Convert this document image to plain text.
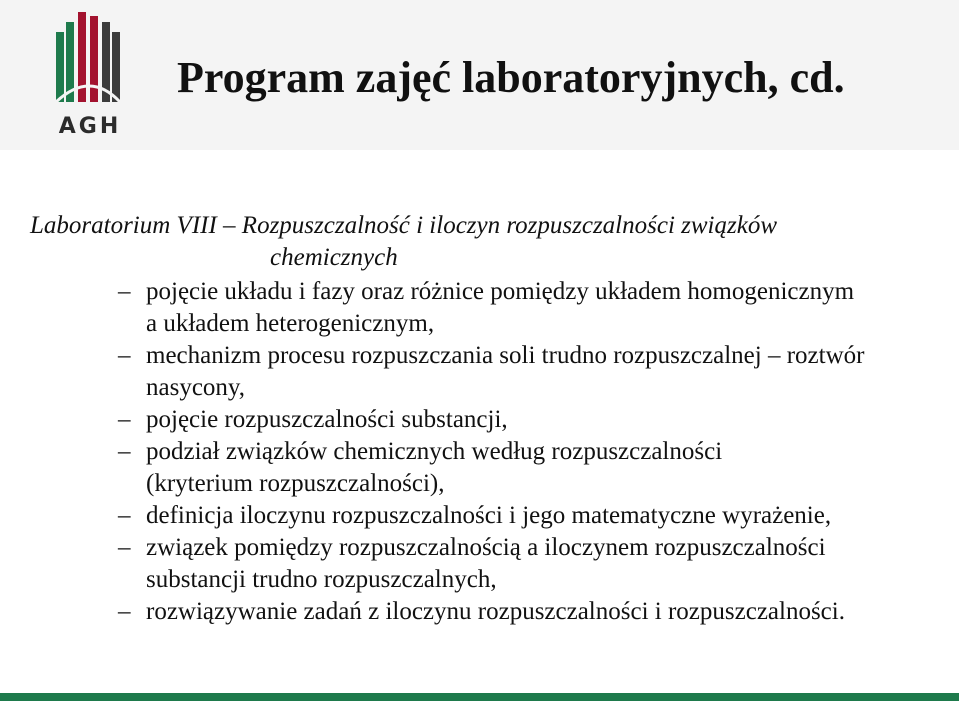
AGH
Program zajęć laboratoryjnych, cd.

Laboratorium VIII – Rozpuszczalność i iloczyn rozpuszczalności związków
chemicznych

– pojęcie układu i fazy oraz różnice pomiędzy układem homogenicznym
a układem heterogenicznym,
– mechanizm procesu rozpuszczania soli trudno rozpuszczalnej – roztwór
nasycony,
– pojęcie rozpuszczalności substancji,
– podział związków chemicznych według rozpuszczalności
(kryterium rozpuszczalności),
– definicja iloczynu rozpuszczalności i jego matematyczne wyrażenie,
– związek pomiędzy rozpuszczalnością a iloczynem rozpuszczalności
substancji trudno rozpuszczalnych,
– rozwiązywanie zadań z iloczynu rozpuszczalności i rozpuszczalności.
